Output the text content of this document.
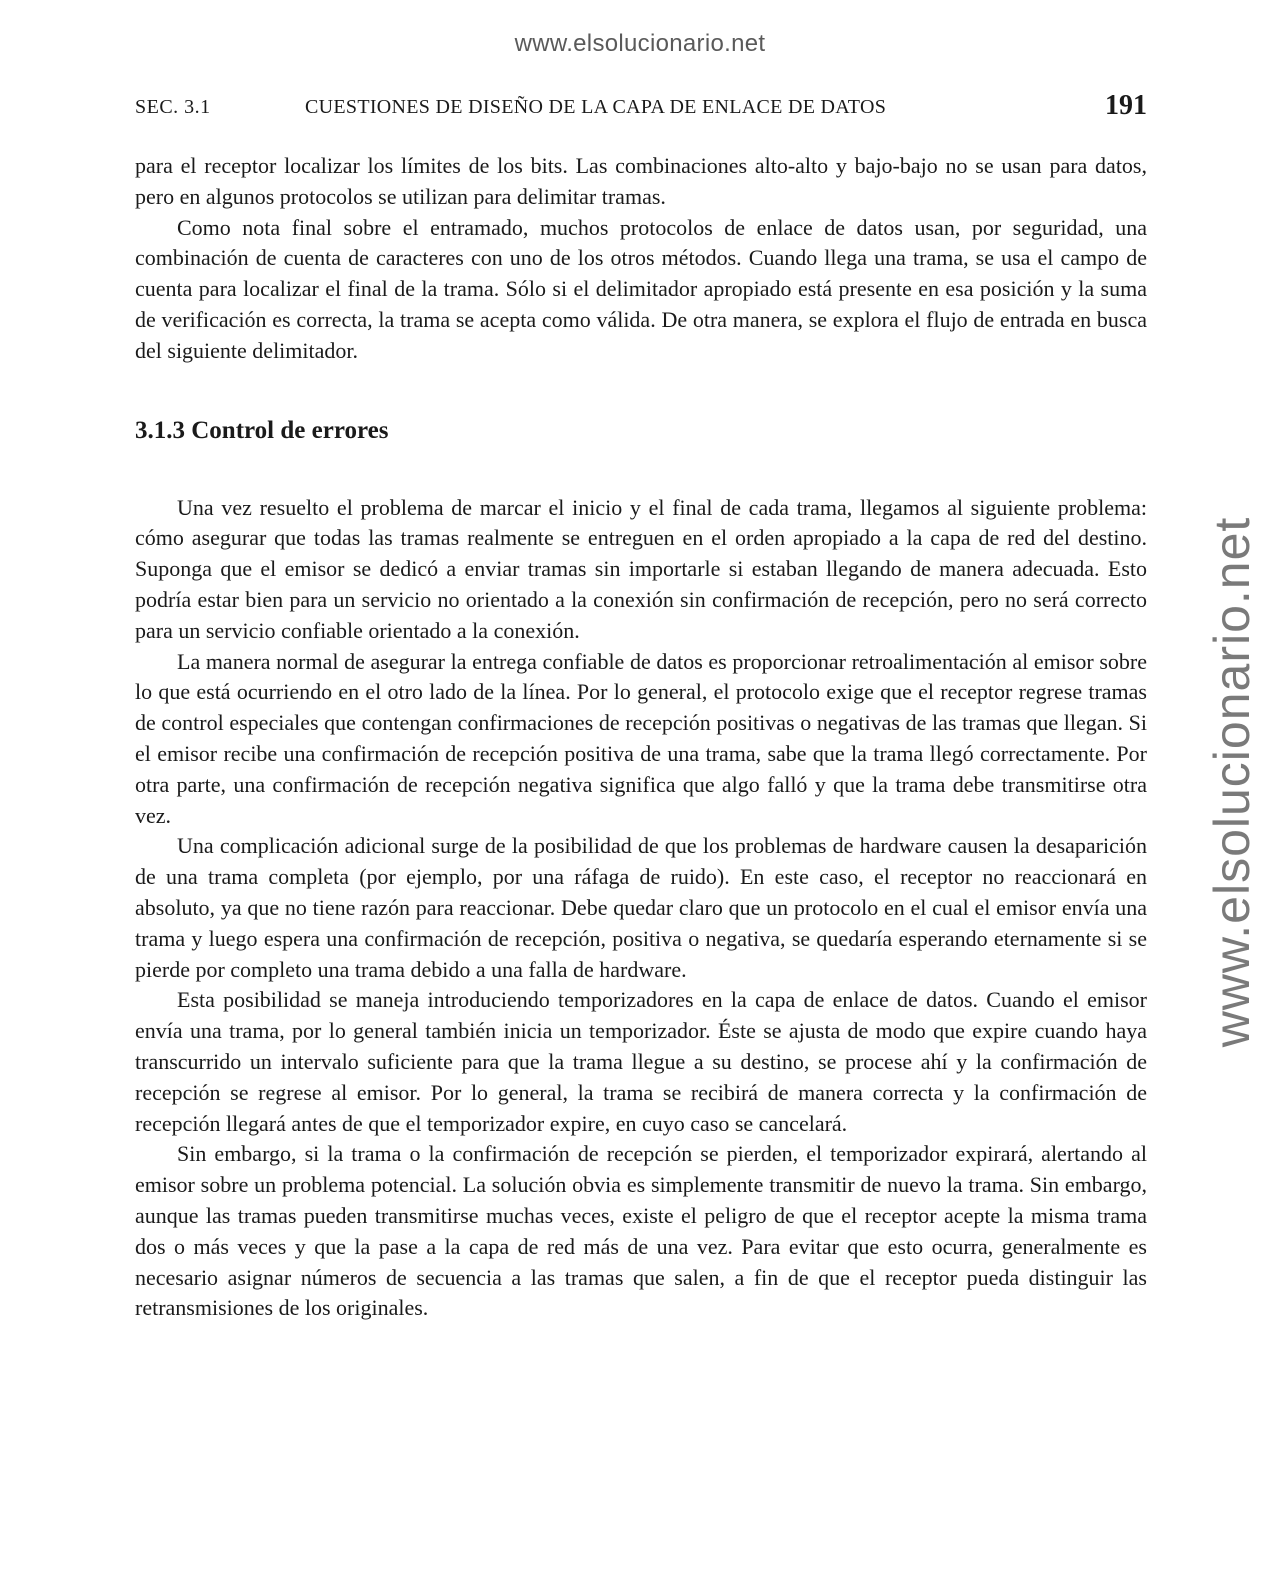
www.elsolucionario.net
www.elsolucionario.net
SEC. 3.1	CUESTIONES DE DISEÑO DE LA CAPA DE ENLACE DE DATOS	191

para el receptor localizar los límites de los bits. Las combinaciones alto-alto y bajo-bajo no se usan para datos, pero en algunos protocolos se utilizan para delimitar tramas.

Como nota final sobre el entramado, muchos protocolos de enlace de datos usan, por seguridad, una combinación de cuenta de caracteres con uno de los otros métodos. Cuando llega una trama, se usa el campo de cuenta para localizar el final de la trama. Sólo si el delimitador apropiado está presente en esa posición y la suma de verificación es correcta, la trama se acepta como válida. De otra manera, se explora el flujo de entrada en busca del siguiente delimitador.

3.1.3 Control de errores

Una vez resuelto el problema de marcar el inicio y el final de cada trama, llegamos al siguiente problema: cómo asegurar que todas las tramas realmente se entreguen en el orden apropiado a la capa de red del destino. Suponga que el emisor se dedicó a enviar tramas sin importarle si estaban llegando de manera adecuada. Esto podría estar bien para un servicio no orientado a la conexión sin confirmación de recepción, pero no será correcto para un servicio confiable orientado a la conexión.

La manera normal de asegurar la entrega confiable de datos es proporcionar retroalimentación al emisor sobre lo que está ocurriendo en el otro lado de la línea. Por lo general, el protocolo exige que el receptor regrese tramas de control especiales que contengan confirmaciones de recepción positivas o negativas de las tramas que llegan. Si el emisor recibe una confirmación de recepción positiva de una trama, sabe que la trama llegó correctamente. Por otra parte, una confirmación de recepción negativa significa que algo falló y que la trama debe transmitirse otra vez.

Una complicación adicional surge de la posibilidad de que los problemas de hardware causen la desaparición de una trama completa (por ejemplo, por una ráfaga de ruido). En este caso, el receptor no reaccionará en absoluto, ya que no tiene razón para reaccionar. Debe quedar claro que un protocolo en el cual el emisor envía una trama y luego espera una confirmación de recepción, positiva o negativa, se quedaría esperando eternamente si se pierde por completo una trama debido a una falla de hardware.

Esta posibilidad se maneja introduciendo temporizadores en la capa de enlace de datos. Cuando el emisor envía una trama, por lo general también inicia un temporizador. Éste se ajusta de modo que expire cuando haya transcurrido un intervalo suficiente para que la trama llegue a su destino, se procese ahí y la confirmación de recepción se regrese al emisor. Por lo general, la trama se recibirá de manera correcta y la confirmación de recepción llegará antes de que el temporizador expire, en cuyo caso se cancelará.

Sin embargo, si la trama o la confirmación de recepción se pierden, el temporizador expirará, alertando al emisor sobre un problema potencial. La solución obvia es simplemente transmitir de nuevo la trama. Sin embargo, aunque las tramas pueden transmitirse muchas veces, existe el peligro de que el receptor acepte la misma trama dos o más veces y que la pase a la capa de red más de una vez. Para evitar que esto ocurra, generalmente es necesario asignar números de secuencia a las tramas que salen, a fin de que el receptor pueda distinguir las retransmisiones de los originales.
